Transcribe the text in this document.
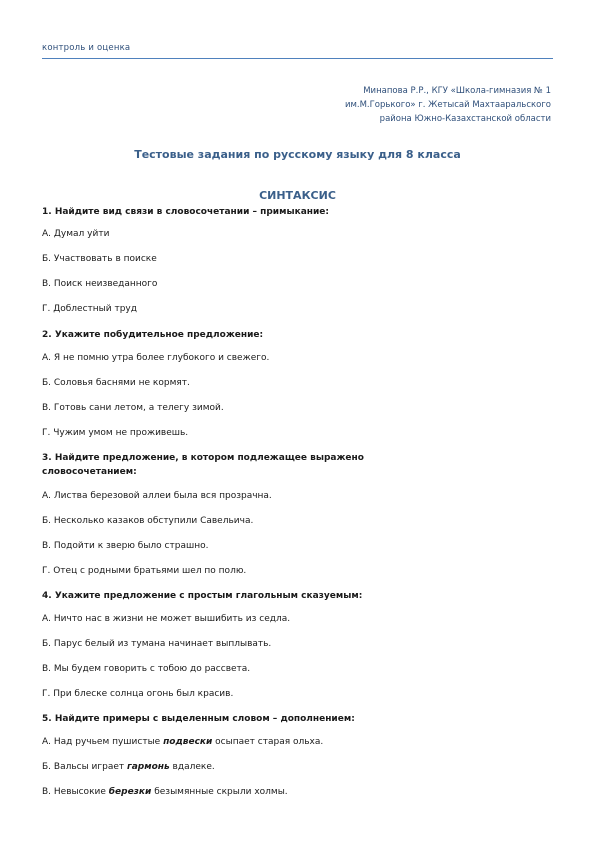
контроль и оценка
Минапова Р.Р., КГУ «Школа-гимназия № 1
им.М.Горького» г. Жетысай Махтааральского
района Южно-Казахстанской области
Тестовые задания по русскому языку для 8 класса
СИНТАКСИС
1. Найдите вид связи в словосочетании – примыкание:
А. Думал уйти
Б. Участвовать в поиске
В. Поиск неизведанного
Г. Доблестный труд
2. Укажите побудительное предложение:
А. Я не помню утра более глубокого и свежего.
Б. Соловья баснями не кормят.
В. Готовь сани летом, а телегу зимой.
Г. Чужим умом не проживешь.
3. Найдите предложение, в котором подлежащее выражено словосочетанием:
А. Листва березовой аллеи была вся прозрачна.
Б. Несколько казаков обступили Савельича.
В. Подойти к зверю было страшно.
Г. Отец с родными братьями шел по полю.
4. Укажите предложение с простым глагольным сказуемым:
А. Ничто нас в жизни не может вышибить из седла.
Б. Парус белый из тумана начинает выплывать.
В. Мы будем говорить с тобою до рассвета.
Г. При блеске солнца огонь был красив.
5. Найдите примеры с выделенным словом – дополнением:
А. Над ручьем пушистые подвески осыпает старая ольха.
Б. Вальсы играет гармонь вдалеке.
В. Невысокие березки безымянные скрыли холмы.
